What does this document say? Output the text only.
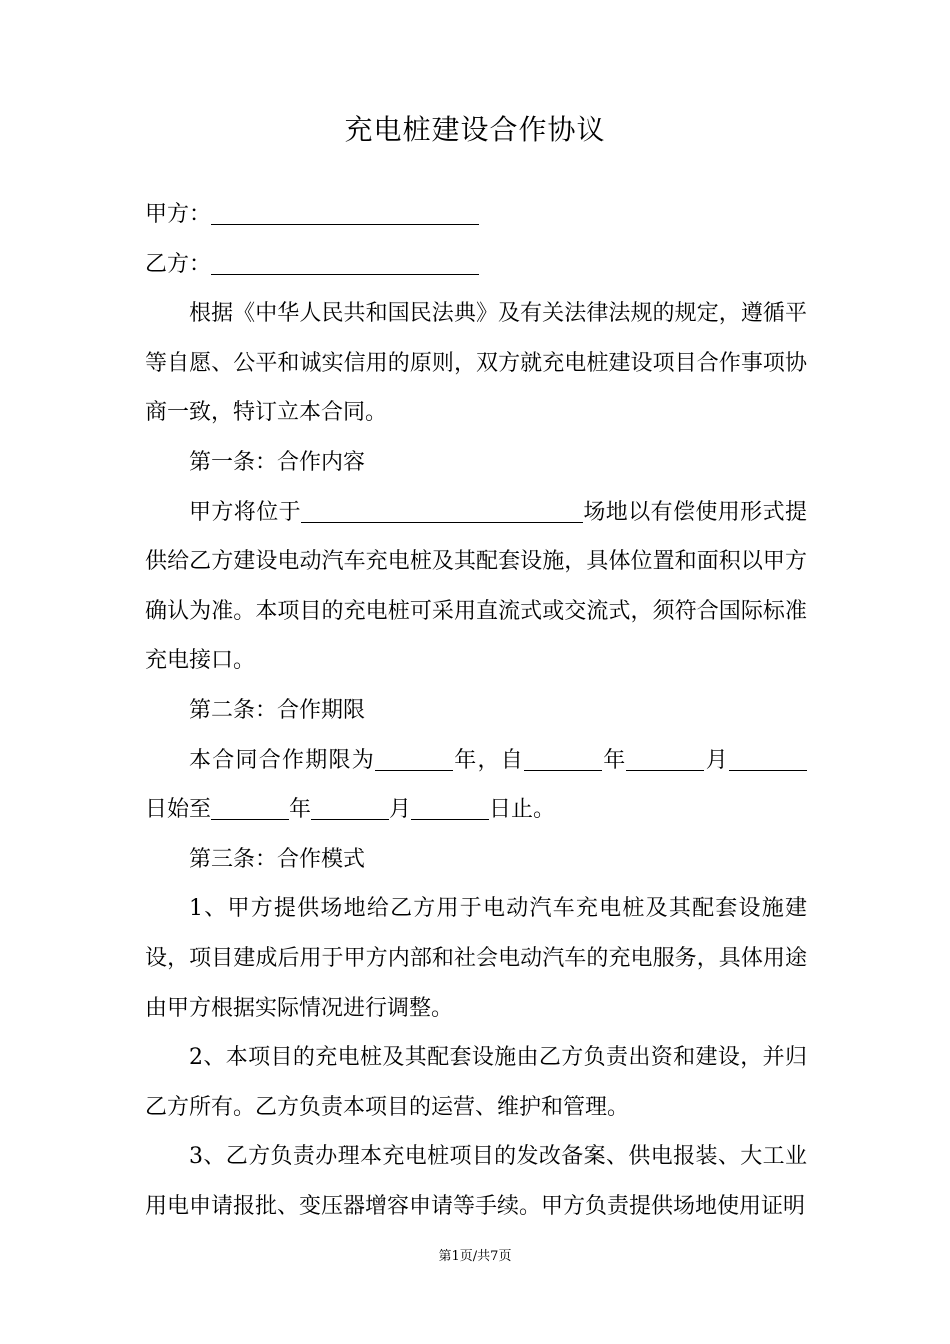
充电桩建设合作协议

甲方：

乙方：

根据《中华人民共和国民法典》及有关法律法规的规定，遵循平等自愿、公平和诚实信用的原则，双方就充电桩建设项目合作事项协商一致，特订立本合同。

第一条：合作内容

甲方将位于	场地以有偿使用形式提供给乙方建设电动汽车充电桩及其配套设施，具体位置和面积以甲方确认为准。本项目的充电桩可采用直流式或交流式，须符合国际标准充电接口。

第二条：合作期限

本合同合作期限为	年，自	年	月日始至	年	月	日止。

第三条：合作模式

1、甲方提供场地给乙方用于电动汽车充电桩及其配套设施建设，项目建成后用于甲方内部和社会电动汽车的充电服务，具体用途由甲方根据实际情况进行调整。

2、本项目的充电桩及其配套设施由乙方负责出资和建设，并归乙方所有。乙方负责本项目的运营、维护和管理。

3、乙方负责办理本充电桩项目的发改备案、供电报装、大工业用电申请报批、变压器增容申请等手续。甲方负责提供场地使用证明

第1页/共7页
